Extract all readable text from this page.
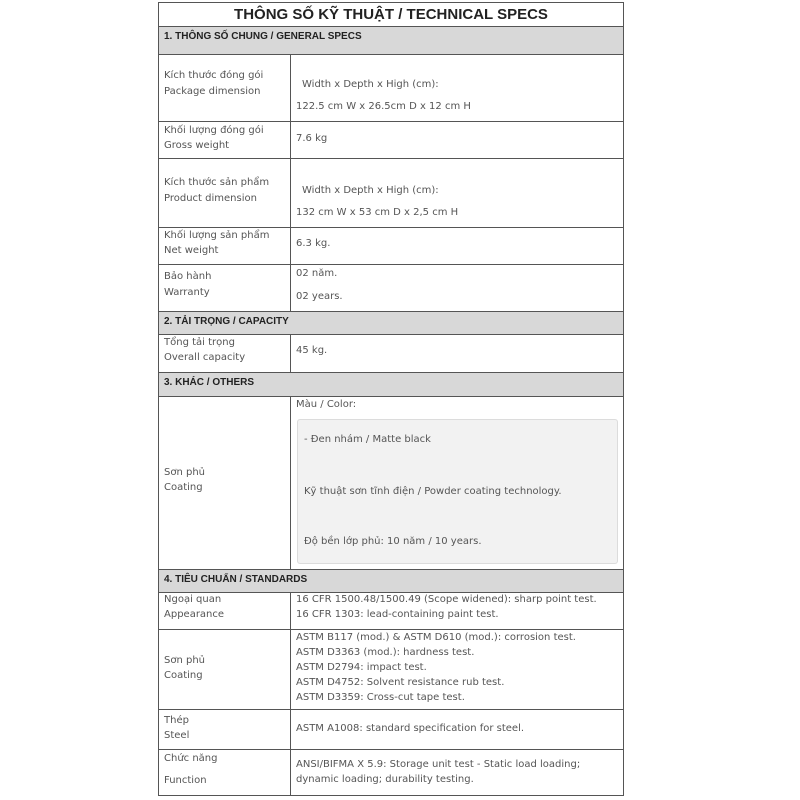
THÔNG SỐ KỸ THUẬT / TECHNICAL SPECS
1. THÔNG SỐ CHUNG / GENERAL SPECS
Kích thước đóng gói
Package dimension
Width x Depth x High (cm):
122.5 cm W x 26.5cm D x 12 cm H
Khối lượng đóng gói
Gross weight
7.6 kg
Kích thước sản phẩm
Product dimension
Width x Depth x High (cm):
132 cm W x 53 cm D x 2,5 cm H
Khối lượng sản phẩm
Net weight
6.3 kg.
Bảo hành
Warranty
02 năm.
02 years.
2. TẢI TRỌNG / CAPACITY
Tổng tải trọng
Overall capacity
45 kg.
3. KHÁC / OTHERS
Sơn phủ
Coating
Màu / Color:
- Đen nhám / Matte black
Kỹ thuật sơn tĩnh điện / Powder coating technology.
Độ bền lớp phủ: 10 năm / 10 years.
4. TIÊU CHUẨN / STANDARDS
Ngoại quan
Appearance
16 CFR 1500.48/1500.49 (Scope widened): sharp point test.
16 CFR 1303: lead-containing paint test.
Sơn phủ
Coating
ASTM B117 (mod.) & ASTM D610 (mod.): corrosion test.
ASTM D3363 (mod.): hardness test.
ASTM D2794: impact test.
ASTM D4752: Solvent resistance rub test.
ASTM D3359: Cross-cut tape test.
Thép
Steel
ASTM A1008: standard specification for steel.
Chức năng
Function
ANSI/BIFMA X 5.9: Storage unit test - Static load loading; dynamic loading; durability testing.
